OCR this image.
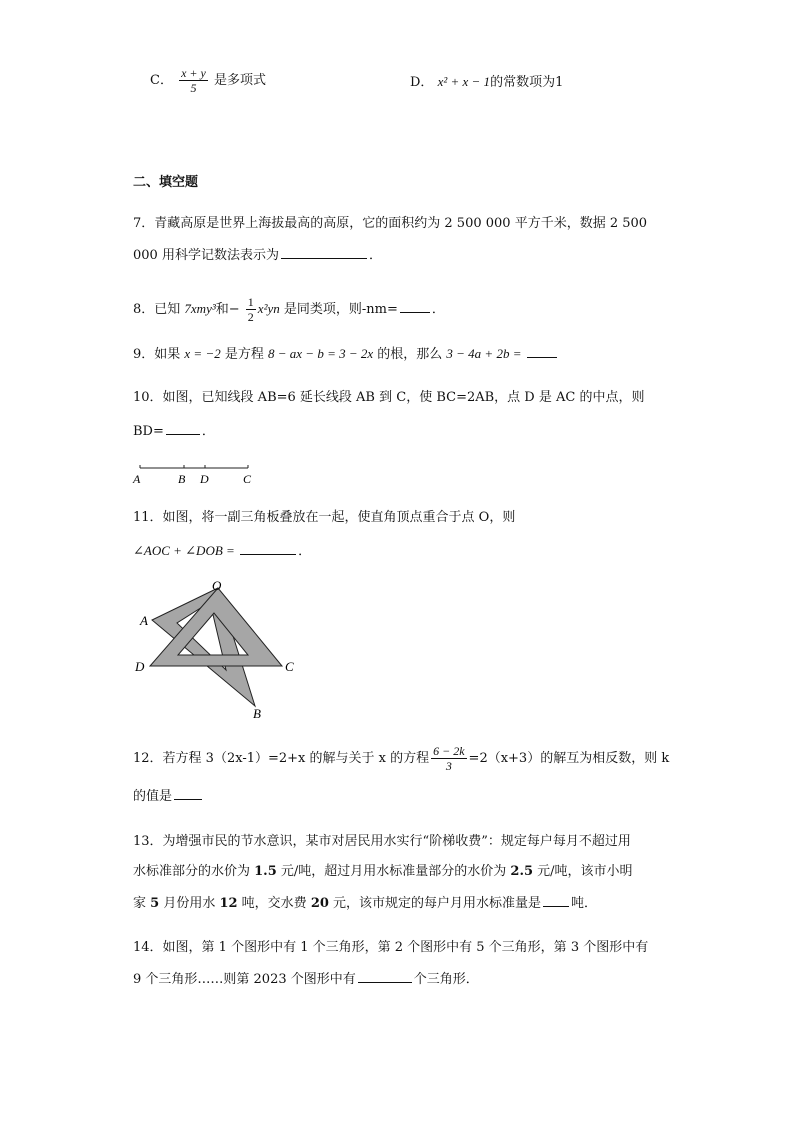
C． $\frac{x + y}{5}$ 是多项式	D． x² + x − 1的常数项为1
二、填空题
7．青藏高原是世界上海拔最高的高原，它的面积约为 2 500 000 平方千米，数据 2 500
000 用科学记数法表示为	．
8．已知 7xmy³和− $\frac{1}{2} x^2yn$ 是同类项，则-nm=	．
9．如果 x = −2 是方程 8 − ax − b = 3 − 2x 的根，那么 3 − 4a + 2b =
10．如图，已知线段 AB=6 延长线段 AB 到 C，使 BC=2AB，点 D 是 AC 的中点，则
BD=	．
A	B D	C
11．如图，将一副三角板叠放在一起，使直角顶点重合于点 O，则
∠AOC + ∠DOB =	．
O
A
D	C
B
12．若方程 3（2x-1）=2+x 的解与关于 x 的方程 $\frac{6 - 2k}{3} =2(x+3)$的解互为相反数，则 k
的值是
13．为增强市民的节水意识，某市对居民用水实行“阶梯收费”：规定每户每月不超过用
水标准部分的水价为 1.5 元/吨，超过月用水标准量部分的水价为 2.5 元/吨，该市小明
家 5 月份用水 12 吨，交水费 20 元，该市规定的每户月用水标准量是 吨．
14．如图，第 1 个图形中有 1 个三角形，第 2 个图形中有 5 个三角形，第 3 个图形中有
9 个三角形……则第 2023 个图形中有	个三角形．
